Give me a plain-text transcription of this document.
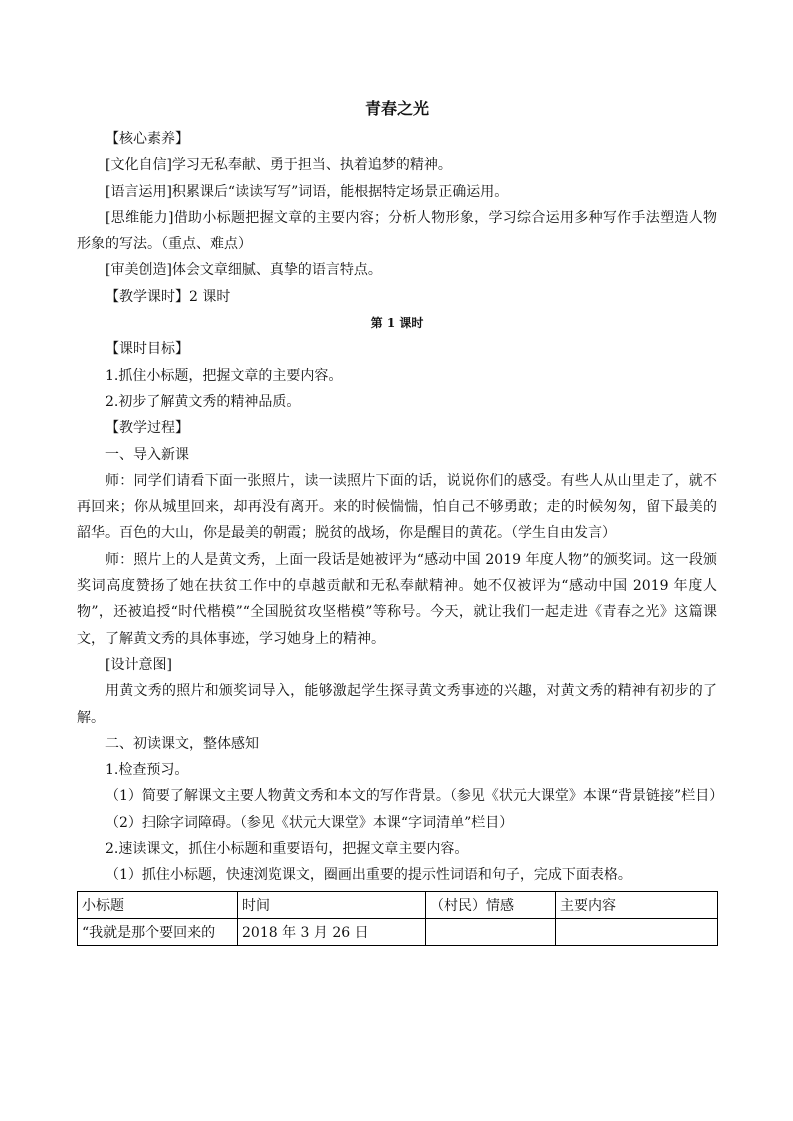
青春之光

【核心素养】

[文化自信]学习无私奉献、勇于担当、执着追梦的精神。

[语言运用]积累课后“读读写写”词语，能根据特定场景正确运用。

[思维能力]借助小标题把握文章的主要内容；分析人物形象，学习综合运用多种写作手法塑造人物形象的写法。（重点、难点）

[审美创造]体会文章细腻、真挚的语言特点。

【教学课时】2 课时

第 1 课时

【课时目标】

1.抓住小标题，把握文章的主要内容。

2.初步了解黄文秀的精神品质。

【教学过程】

一、导入新课

师：同学们请看下面一张照片，读一读照片下面的话，说说你们的感受。有些人从山里走了，就不再回来；你从城里回来，却再没有离开。来的时候惴惴，怕自己不够勇敢；走的时候匆匆，留下最美的韶华。百色的大山，你是最美的朝霞；脱贫的战场，你是醒目的黄花。（学生自由发言）

师：照片上的人是黄文秀，上面一段话是她被评为“感动中国 2019 年度人物”的颁奖词。这一段颁奖词高度赞扬了她在扶贫工作中的卓越贡献和无私奉献精神。她不仅被评为“感动中国 2019 年度人物”，还被追授“时代楷模”“全国脱贫攻坚楷模”等称号。今天，就让我们一起走进《青春之光》这篇课文，了解黄文秀的具体事迹，学习她身上的精神。

[设计意图]

用黄文秀的照片和颁奖词导入，能够激起学生探寻黄文秀事迹的兴趣，对黄文秀的精神有初步的了解。

二、初读课文，整体感知

1.检查预习。

（1）简要了解课文主要人物黄文秀和本文的写作背景。（参见《状元大课堂》本课“背景链接”栏目）

（2）扫除字词障碍。（参见《状元大课堂》本课“字词清单”栏目）

2.速读课文，抓住小标题和重要语句，把握文章主要内容。

（1）抓住小标题，快速浏览课文，圈画出重要的提示性词语和句子，完成下面表格。

小标题	时间	（村民）情感	主要内容
“我就是那个要回来的	2018 年 3 月 26 日		
